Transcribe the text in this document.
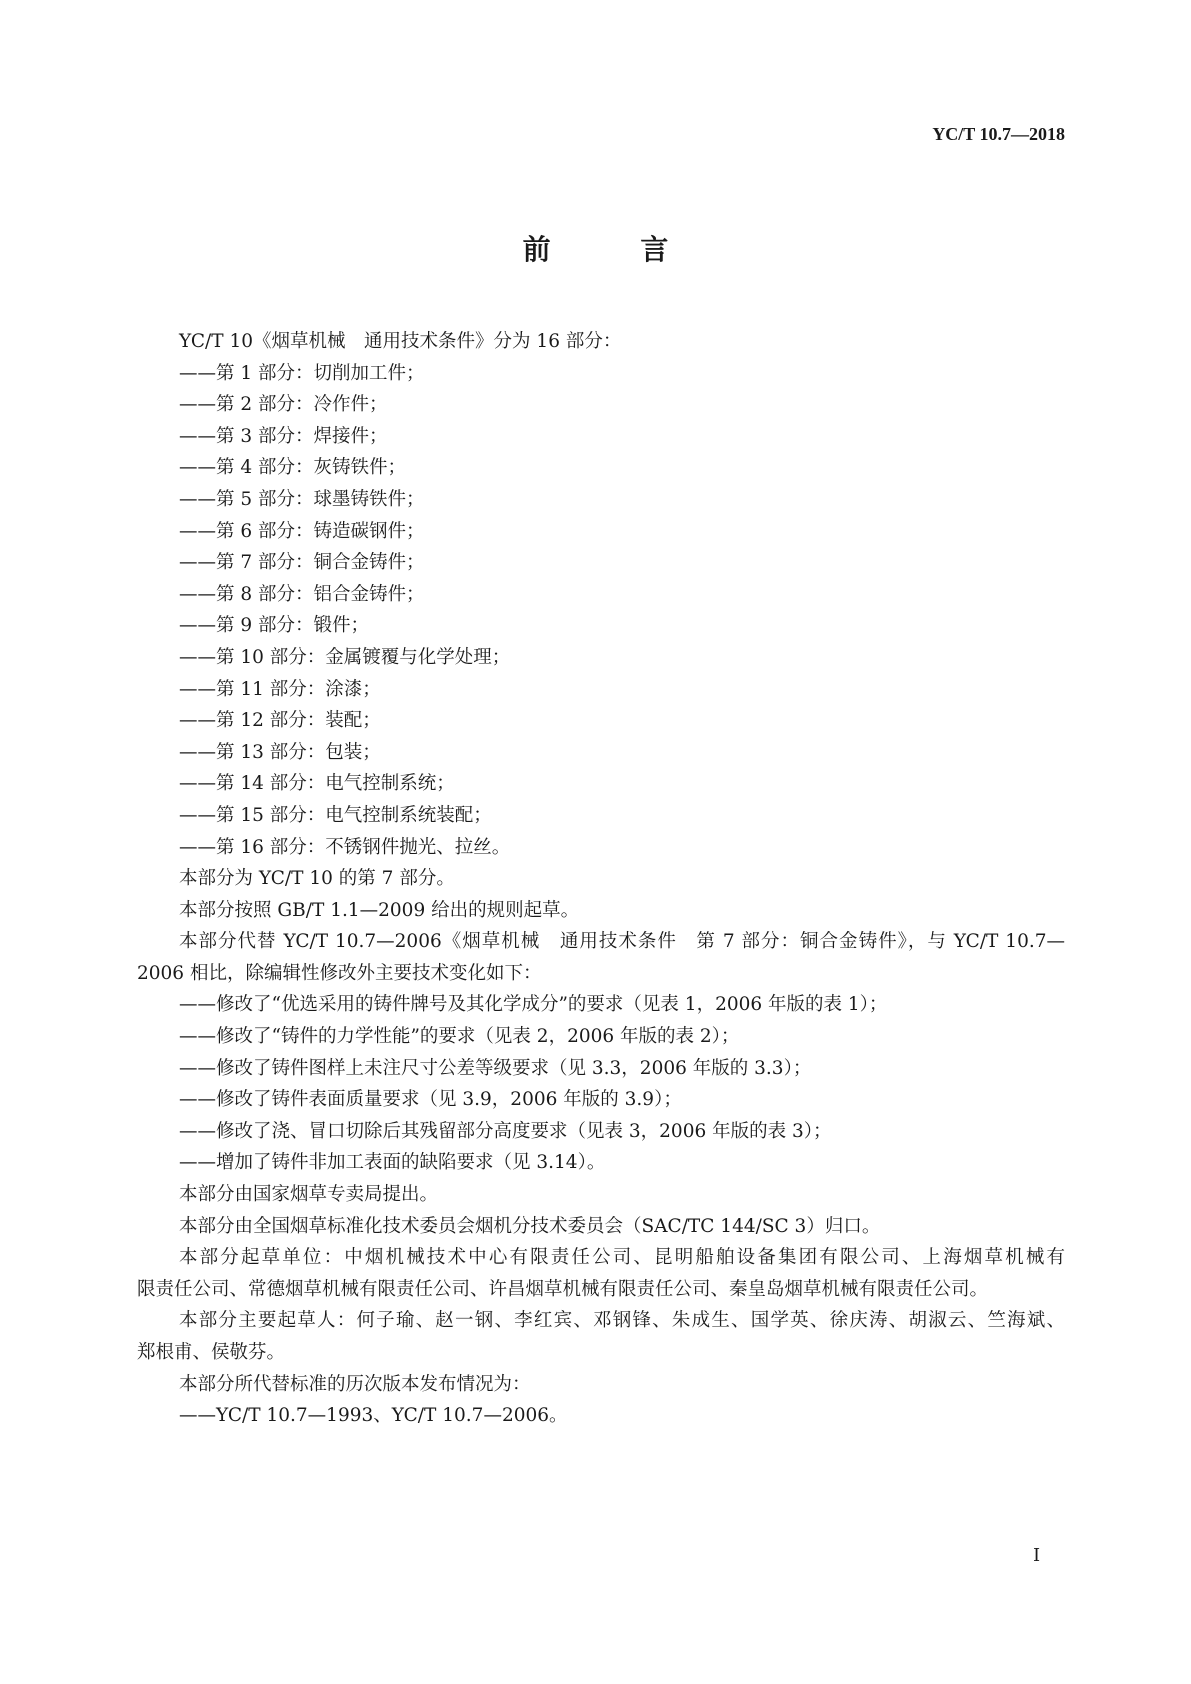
YC/T 10.7—2018
前 言
YC/T 10《烟草机械　通用技术条件》分为 16 部分：
——第 1 部分：切削加工件；
——第 2 部分：冷作件；
——第 3 部分：焊接件；
——第 4 部分：灰铸铁件；
——第 5 部分：球墨铸铁件；
——第 6 部分：铸造碳钢件；
——第 7 部分：铜合金铸件；
——第 8 部分：铝合金铸件；
——第 9 部分：锻件；
——第 10 部分：金属镀覆与化学处理；
——第 11 部分：涂漆；
——第 12 部分：装配；
——第 13 部分：包装；
——第 14 部分：电气控制系统；
——第 15 部分：电气控制系统装配；
——第 16 部分：不锈钢件抛光、拉丝。
本部分为 YC/T 10 的第 7 部分。
本部分按照 GB/T 1.1—2009 给出的规则起草。
本部分代替 YC/T 10.7—2006《烟草机械　通用技术条件　第 7 部分：铜合金铸件》，与 YC/T 10.7—
2006 相比，除编辑性修改外主要技术变化如下：
——修改了“优选采用的铸件牌号及其化学成分”的要求（见表 1，2006 年版的表 1）；
——修改了“铸件的力学性能”的要求（见表 2，2006 年版的表 2）；
——修改了铸件图样上未注尺寸公差等级要求（见 3.3，2006 年版的 3.3）；
——修改了铸件表面质量要求（见 3.9，2006 年版的 3.9）；
——修改了浇、冒口切除后其残留部分高度要求（见表 3，2006 年版的表 3）；
——增加了铸件非加工表面的缺陷要求（见 3.14）。
本部分由国家烟草专卖局提出。
本部分由全国烟草标准化技术委员会烟机分技术委员会（SAC/TC 144/SC 3）归口。
本部分起草单位：中烟机械技术中心有限责任公司、昆明船舶设备集团有限公司、上海烟草机械有
限责任公司、常德烟草机械有限责任公司、许昌烟草机械有限责任公司、秦皇岛烟草机械有限责任公司。
本部分主要起草人：何子瑜、赵一钢、李红宾、邓钢锋、朱成生、国学英、徐庆涛、胡淑云、竺海斌、
郑根甫、侯敬芬。
本部分所代替标准的历次版本发布情况为：
——YC/T 10.7—1993、YC/T 10.7—2006。
I
